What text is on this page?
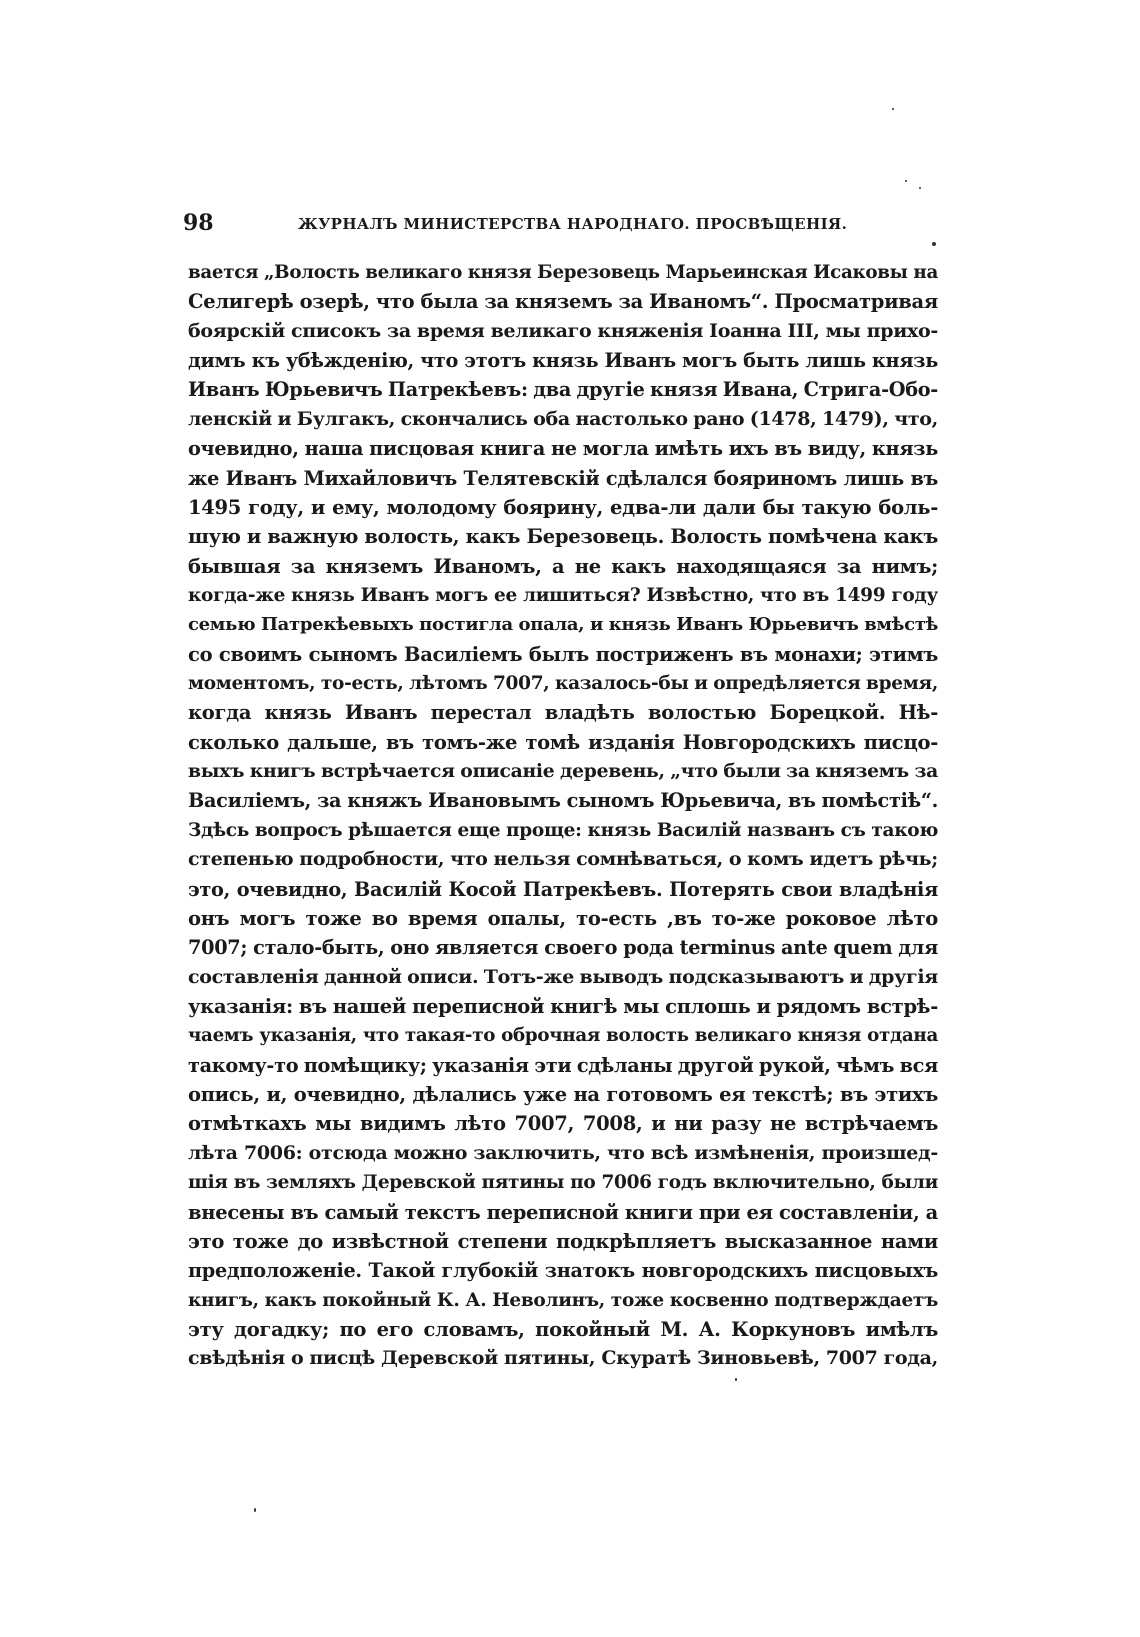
98	ЖУРНАЛЪ МИНИСТЕРСТВА НАРОДНАГО. ПРОСВѢЩЕНІЯ.
вается „Волость великаго князя Березовець Марьеинская Исаковы на
Селигерѣ озерѣ, что была за княземъ за Иваномъ“. Просматривая
боярскій списокъ за время великаго княженія Іоанна III, мы прихо-
димъ къ убѣжденію, что этотъ князь Иванъ могъ быть лишь князь
Иванъ Юрьевичъ Патрекѣевъ: два другіе князя Ивана, Стрига-Обо-
ленскій и Булгакъ, скончались оба настолько рано (1478, 1479), что,
очевидно, наша писцовая книга не могла имѣть ихъ въ виду, князь
же Иванъ Михайловичъ Телятевскій сдѣлался бояриномъ лишь въ
1495 году, и ему, молодому боярину, едва-ли дали бы такую боль-
шую и важную волость, какъ Березовець. Волость помѣчена какъ
бывшая за княземъ Иваномъ, а не какъ находящаяся за нимъ;
когда-же князь Иванъ могъ ее лишиться? Извѣстно, что въ 1499 году
семью Патрекѣевыхъ постигла опала, и князь Иванъ Юрьевичъ вмѣстѣ
со своимъ сыномъ Василіемъ былъ постриженъ въ монахи; этимъ
моментомъ, то-есть, лѣтомъ 7007, казалось-бы и опредѣляется время,
когда князь Иванъ перестал владѣть волостью Борецкой. Нѣ-
сколько дальше, въ томъ-же томѣ изданія Новгородскихъ писцо-
выхъ книгъ встрѣчается описаніе деревень, „что были за княземъ за
Василіемъ, за княжъ Ивановымъ сыномъ Юрьевича, въ помѣстіѣ“.
Здѣсь вопросъ рѣшается еще проще: князь Василій названъ съ такою
степенью подробности, что нельзя сомнѣваться, о комъ идетъ рѣчь;
это, очевидно, Василій Косой Патрекѣевъ. Потерять свои владѣнія
онъ могъ тоже во время опалы, то-есть ,въ то-же роковое лѣто
7007; стало-быть, оно является своего рода terminus ante quem для
составленія данной описи. Тотъ-же выводъ подсказываютъ и другія
указанія: въ нашей переписной книгѣ мы сплошь и рядомъ встрѣ-
чаемъ указанія, что такая-то оброчная волость великаго князя отдана
такому-то помѣщику; указанія эти сдѣланы другой рукой, чѣмъ вся
опись, и, очевидно, дѣлались уже на готовомъ ея текстѣ; въ этихъ
отмѣткахъ мы видимъ лѣто 7007, 7008, и ни разу не встрѣчаемъ
лѣта 7006: отсюда можно заключить, что всѣ измѣненія, произшед-
шія въ земляхъ Деревской пятины по 7006 годъ включительно, были
внесены въ самый текстъ переписной книги при ея составленіи, а
это тоже до извѣстной степени подкрѣпляетъ высказанное нами
предположеніе. Такой глубокій знатокъ новгородскихъ писцовыхъ
книгъ, какъ покойный К. А. Неволинъ, тоже косвенно подтверждаетъ
эту догадку; по его словамъ, покойный М. А. Коркуновъ имѣлъ
свѣдѣнія о писцѣ Деревской пятины, Скуратѣ Зиновьевѣ, 7007 года,
